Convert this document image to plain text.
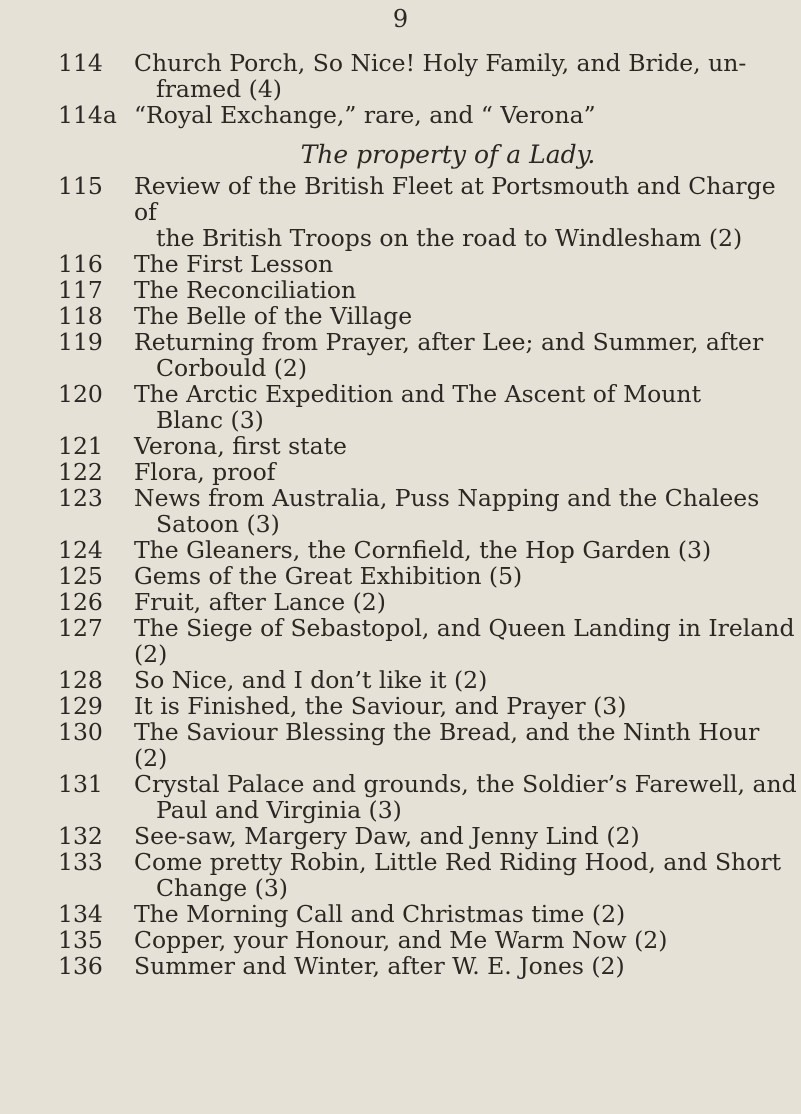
9
114	Church Porch, So Nice! Holy Family, and Bride, un-
framed (4)
114a “Royal Exchange,” rare, and “ Verona”
The property of a Lady.
115	Review of the British Fleet at Portsmouth and Charge of
the British Troops on the road to Windlesham (2)
116	The First Lesson
117	The Reconciliation
118	The Belle of the Village
119	Returning from Prayer, after Lee; and Summer, after
Corbould (2)
120	The Arctic Expedition and The Ascent of Mount
Blanc (3)
121	Verona, first state
122	Flora, proof
123	News from Australia, Puss Napping and the Chalees
Satoon (3)
124	The Gleaners, the Cornfield, the Hop Garden (3)
125	Gems of the Great Exhibition (5)
126	Fruit, after Lance (2)
127	The Siege of Sebastopol, and Queen Landing in Ireland (2)
128	So Nice, and I don’t like it (2)
129	It is Finished, the Saviour, and Prayer (3)
130	The Saviour Blessing the Bread, and the Ninth Hour (2)
131	Crystal Palace and grounds, the Soldier’s Farewell, and
Paul and Virginia (3)
132	See-saw, Margery Daw, and Jenny Lind (2)
133	Come pretty Robin, Little Red Riding Hood, and Short
Change (3)
134	The Morning Call and Christmas time (2)
135	Copper, your Honour, and Me Warm Now (2)
136	Summer and Winter, after W. E. Jones (2)
